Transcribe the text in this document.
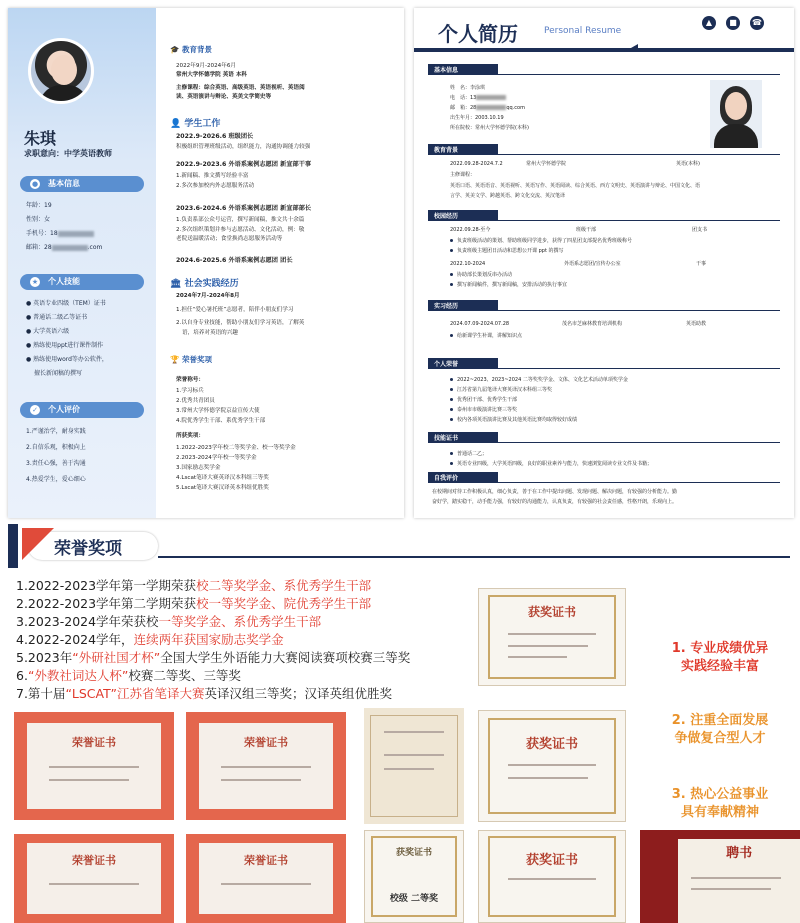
朱琪
求职意向：中学英语教师
● 基本信息
年龄：19
性别：女
手机号：18
邮箱：28	.com
★ 个人技能
● 英语专业四级（TEM）证书
● 普通话二级乙等证书
● 大学英语六级
● 熟练使用ppt进行课件制作
● 熟练使用word等办公软件，
擅长新闻稿的撰写
✓ 个人评价
1.严谨治学，耐身实践
2.自信乐观，积极向上
3.责任心强，善于沟通
4.热爱学生，爱心细心
🎓 教育背景
2022年9月-2024年6月
常州大学怀德学院 英语 本科
主修课程：综合英语、高级英语、英语视听、英语阅
读、英语演讲与辩论、英美文学简史等
👤 学生工作
2022.9-2026.6 班级团长
积极组织管理班级活动，组织能力，沟通协调能力较强
2022.9-2023.6 外语系案例志愿团 新宣部干事
1.新闻稿、推文撰写经验丰富
2.多次参加校内外志愿服务活动
2023.6-2024.6 外语系案例志愿团 新宣部部长
1.负责系部公众号运营，撰写新闻稿，推文共十余篇
2.多次组织策划并参与志愿活动、文化活动，例：敬
老院送温暖活动；食堂换尚志愿服务活动等
2024.6-2025.6 外语系案例志愿团 团长
🏛 社会实践经历
2024年7月-2024年8月
1.担任“爱心暑托班”志愿者，陪伴小朋友们学习
2.以自身专业技能，帮助小朋友们学习英语，了解英
语，培养对英语的兴趣
🏆 荣誉奖项
荣誉称号：
1.学习标兵
2.优秀共青团员
3.常州大学怀德学院京益宣传大使
4.院优秀学生干部、系优秀学生干部
所获奖项：
1.2022-2023学年校二等奖学金、校一等奖学金
2.2023-2024学年校一等奖学金
3.国家励志奖学金
4.Lscat笔译大赛英译汉本科组三等奖
5.Lscat笔译大赛汉译英本科组优胜奖
个人简历	Personal Resume
▲	■	☎
基本信息
姓　名：李涂琪
电　话：13
邮　箱：28	qq.com
出生年月：2003.10.19
所在院校：常州大学怀德学院(本科)
教育背景
2022.09.28-2024.7.2	常州大学怀德学院	英语(本科)
主修课程：
英语口语、英语语音、英语视听、英语写作、英语阅读、综合英语、西方文明史、英语演讲与辩论、中国文化、语
言学、英美文学、跨越英语、跨文化交流、英汉笔译
校园经历
2022.09.28-至今	班级干部	团支书
负责班级活动的策划、帮助班级同学进步，获得了四星团支部提名优秀班级称号
负责班级主题团日活动和思想公开课 ppt 的撰写
2022.10-2024	外语系志愿团/宣传办公室	干事
协助部长策划反串办活动
撰写新闻稿件，撰写新闻稿，安排活动的执行事宜
实习经历
2024.07.09-2024.07.28	茂名市芝麻林教育培训机构	英语助教
给新课学生补课，讲解知识点
个人荣誉
2022~2023、2023~2024 二等奖奖学金、文体、文化艺术活动单项奖学金
江苏省第九届笔译大赛英译汉本科组三等奖
优秀团干部、优秀学生干部
泰州市市级演讲比赛三等奖
校内各项英语演讲比赛及其他英语比赛均取得较好成绩
技能证书
普通话二乙；
英语专业四级，大学英语四级，良好的职业素养与能力，快速浏览阅读专业文件及书籍；
自我评价
在校期间对待工作积极认真，细心负责，善于在工作中提出问题、发现问题、解决问题，有较强的分析能力。勤
奋好学，踏实稳干，动手能力强，有较好的沟通能力，认真负责，有较强的社会责任感，性格开朗，乐观向上。
荣誉奖项
1.2022-2023学年第一学期荣获校二等奖学金、系优秀学生干部
2.2022-2023学年第二学期荣获校一等奖学金、院优秀学生干部
3.2023-2024学年荣获校一等奖学金、系优秀学生干部
4.2022-2024学年，连续两年获国家励志奖学金
5.2023年“外研社国才杯”全国大学生外语能力大赛阅读赛项校赛三等奖
6.“外教社词达人杯”校赛二等奖、三等奖
7.第十届“LSCAT”江苏省笔译大赛英译汉组三等奖；汉译英组优胜奖
获奖证书
1. 专业成绩优异
实践经验丰富
2. 注重全面发展
争做复合型人才
3. 热心公益事业
具有奉献精神
荣誉证书	荣誉证书	获奖证书
荣誉证书	荣誉证书
获奖证书
校级 二等奖
获奖证书	聘书
